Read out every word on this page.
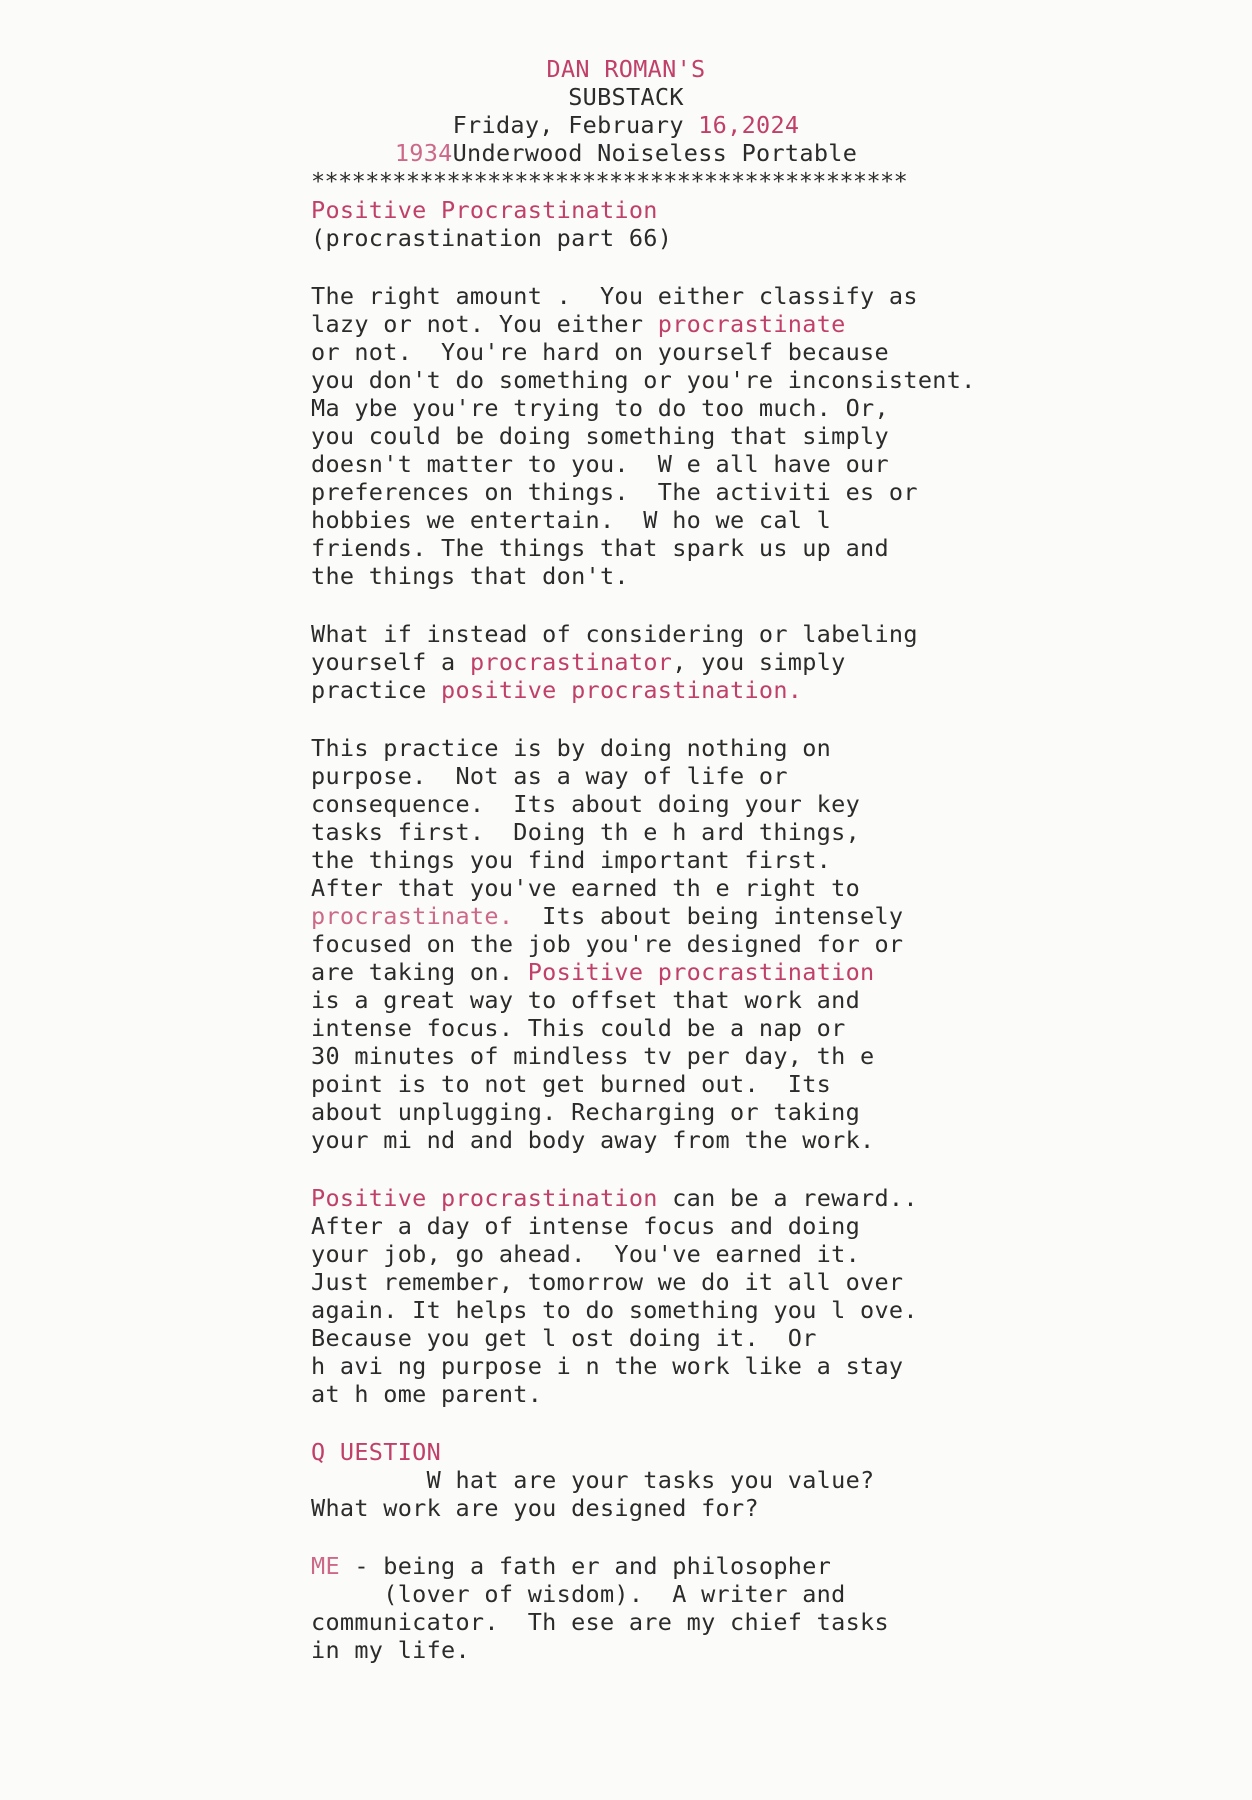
DAN ROMAN'S
SUBSTACK
Friday, February 16,2024
1934Underwood Noiseless Portable
********************************************
Positive Procrastination
(procrastination part 66)
The right amount .  You either classify as
lazy or not. You either procrastinate
or not.  You're hard on yourself because
you don't do something or you're inconsistent.
Ma ybe you're trying to do too much. Or,
you could be doing something that simply
doesn't matter to you.  W e all have our
preferences on things.  The activiti es or
hobbies we entertain.  W ho we cal l
friends. The things that spark us up and
the things that don't.
What if instead of considering or labeling
yourself a procrastinator, you simply
practice positive procrastination.
This practice is by doing nothing on
purpose.  Not as a way of life or
consequence.  Its about doing your key
tasks first.  Doing th e h ard things,
the things you find important first.
After that you've earned th e right to
procrastinate.  Its about being intensely
focused on the job you're designed for or
are taking on. Positive procrastination
is a great way to offset that work and
intense focus. This could be a nap or
30 minutes of mindless tv per day, th e
point is to not get burned out.  Its
about unplugging. Recharging or taking
your mi nd and body away from the work.
Positive procrastination can be a reward..
After a day of intense focus and doing
your job, go ahead.  You've earned it.
Just remember, tomorrow we do it all over
again. It helps to do something you l ove.
Because you get l ost doing it.  Or
h avi ng purpose i n the work like a stay
at h ome parent.
Q UESTION
W hat are your tasks you value?
What work are you designed for?
ME - being a fath er and philosopher
(lover of wisdom).  A writer and
communicator.  Th ese are my chief tasks
in my life.
